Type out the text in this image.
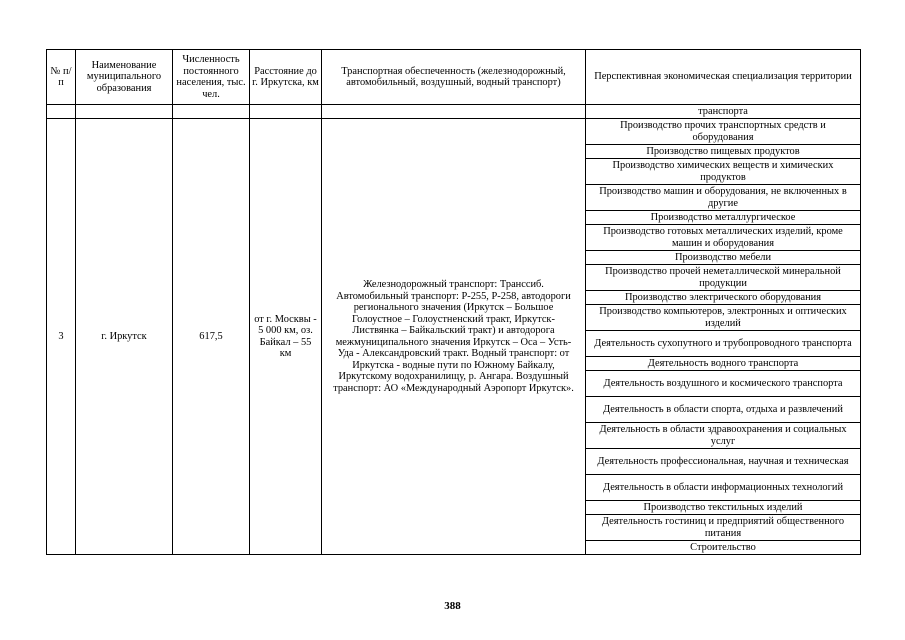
№ п/п	Наименование муниципального образования	Численность постоянного населения, тыс. чел.	Расстояние до г. Иркутска, км	Транспортная обеспеченность (железнодорожный, автомобильный, воздушный, водный транспорт)	Перспективная экономическая специализация территории
					транспорта
3	г. Иркутск	617,5	от г. Москвы - 5 000 км, оз. Байкал – 55 км	Железнодорожный транспорт: Транссиб. Автомобильный транспорт: Р-255, Р-258, автодороги регионального значения (Иркутск – Большое Голоустное – Голоустненский тракт, Иркутск-Листвянка – Байкальский тракт) и автодорога межмуниципального значения Иркутск – Оса – Усть-Уда - Александровский тракт. Водный транспорт: от Иркутска - водные пути по Южному Байкалу, Иркутскому водохранилищу, р. Ангара. Воздушный транспорт: АО «Международный Аэропорт Иркутск».	Производство прочих транспортных средств и оборудования
					Производство пищевых продуктов
					Производство химических веществ и химических продуктов
					Производство машин и оборудования, не включенных в другие
					Производство металлургическое
					Производство готовых металлических изделий, кроме машин и оборудования
					Производство мебели
					Производство прочей неметаллической минеральной продукции
					Производство электрического оборудования
					Производство компьютеров, электронных и оптических изделий
					Деятельность сухопутного и трубопроводного транспорта
					Деятельность водного транспорта
					Деятельность воздушного и космического транспорта
					Деятельность в области спорта, отдыха и развлечений
					Деятельность в области здравоохранения и социальных услуг
					Деятельность профессиональная, научная и техническая
					Деятельность в области информационных технологий
					Производство текстильных изделий
					Деятельность гостиниц и предприятий общественного питания
					Строительство
388
